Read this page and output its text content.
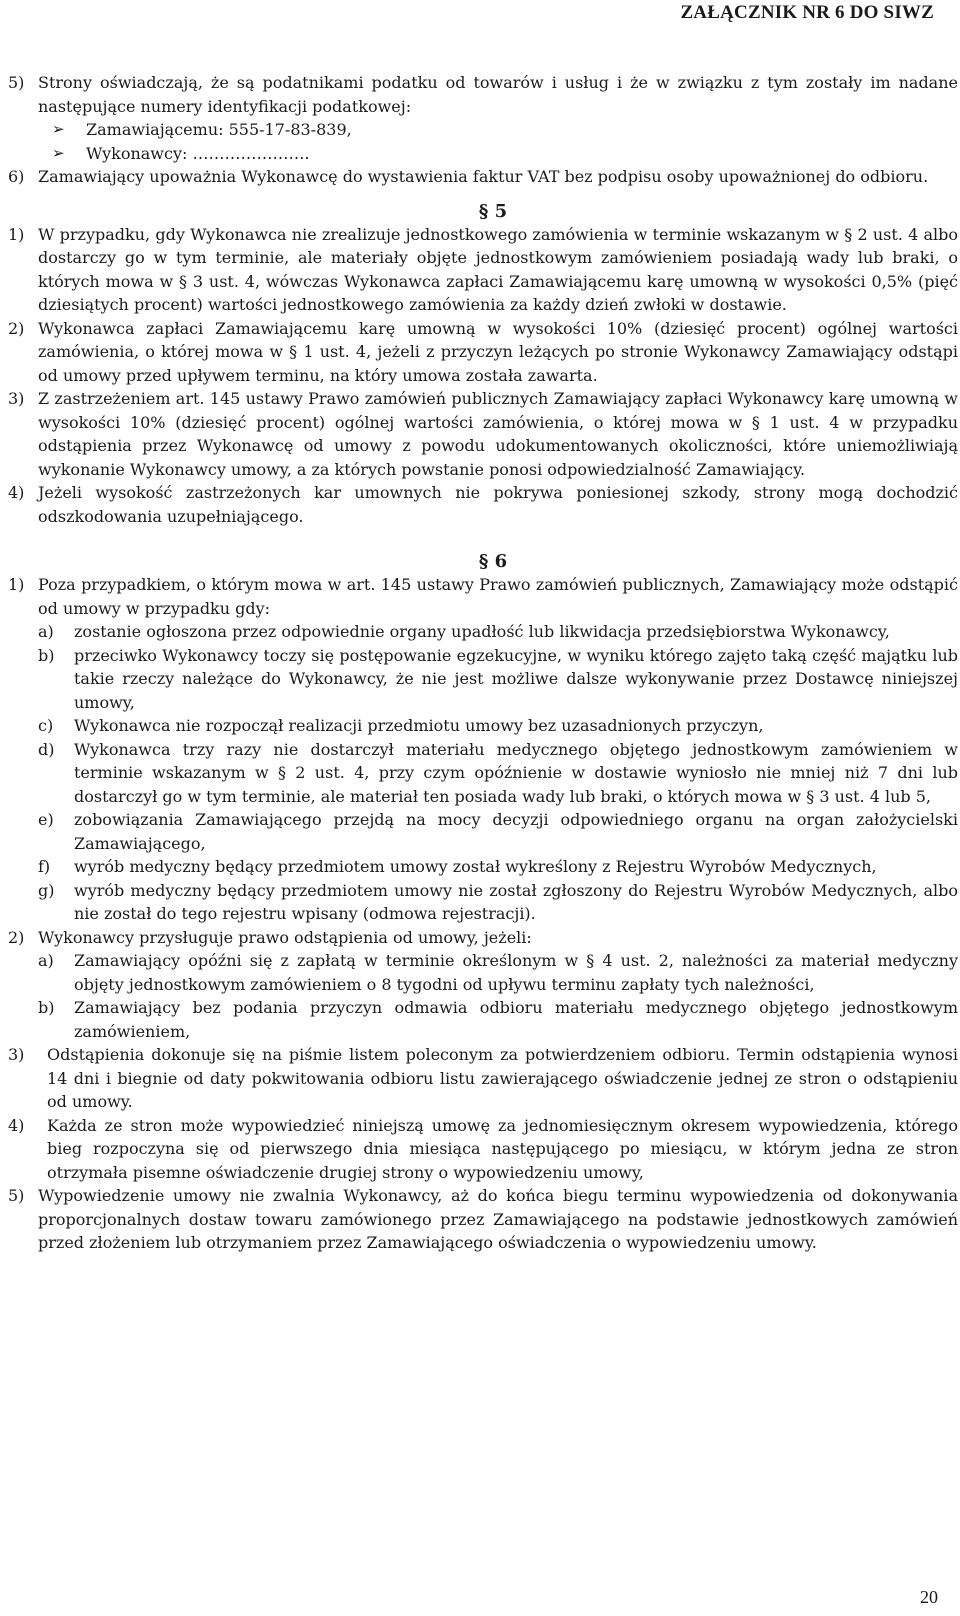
ZAŁĄCZNIK NR 6 DO SIWZ
5) Strony oświadczają, że są podatnikami podatku od towarów i usług i że w związku z tym zostały im nadane następujące numery identyfikacji podatkowej:
➢	Zamawiającemu: 555-17-83-839,
➢	Wykonawcy: ………………….
6) Zamawiający upoważnia Wykonawcę do wystawienia faktur VAT bez podpisu osoby upoważnionej do odbioru.
§ 5
1) W przypadku, gdy Wykonawca nie zrealizuje jednostkowego zamówienia w terminie wskazanym w § 2 ust. 4 albo dostarczy go w tym terminie, ale materiały objęte jednostkowym zamówieniem posiadają wady lub braki, o których mowa w § 3 ust. 4, wówczas Wykonawca zapłaci Zamawiającemu karę umowną w wysokości 0,5% (pięć dziesiątych procent) wartości jednostkowego zamówienia za każdy dzień zwłoki w dostawie.
2) Wykonawca zapłaci Zamawiającemu karę umowną w wysokości 10% (dziesięć procent) ogólnej wartości zamówienia, o której mowa w § 1 ust. 4, jeżeli z przyczyn leżących po stronie Wykonawcy Zamawiający odstąpi od umowy przed upływem terminu, na który umowa została zawarta.
3) Z zastrzeżeniem art. 145 ustawy Prawo zamówień publicznych Zamawiający zapłaci Wykonawcy karę umowną w wysokości 10% (dziesięć procent) ogólnej wartości zamówienia, o której mowa w § 1 ust. 4 w przypadku odstąpienia przez Wykonawcę od umowy z powodu udokumentowanych okoliczności, które uniemożliwiają wykonanie Wykonawcy umowy, a za których powstanie ponosi odpowiedzialność Zamawiający.
4) Jeżeli wysokość zastrzeżonych kar umownych nie pokrywa poniesionej szkody, strony mogą dochodzić odszkodowania uzupełniającego.
§ 6
1) Poza przypadkiem, o którym mowa w art. 145 ustawy Prawo zamówień publicznych, Zamawiający może odstąpić od umowy w przypadku gdy:
a)	zostanie ogłoszona przez odpowiednie organy upadłość lub likwidacja przedsiębiorstwa Wykonawcy,
b)	przeciwko Wykonawcy toczy się postępowanie egzekucyjne, w wyniku którego zajęto taką część majątku lub takie rzeczy należące do Wykonawcy, że nie jest możliwe dalsze wykonywanie przez Dostawcę niniejszej umowy,
c)	Wykonawca nie rozpoczął realizacji przedmiotu umowy bez uzasadnionych przyczyn,
d)	Wykonawca trzy razy nie dostarczył materiału medycznego objętego jednostkowym zamówieniem w terminie wskazanym w § 2 ust. 4, przy czym opóźnienie w dostawie wyniosło nie mniej niż 7 dni lub dostarczył go w tym terminie, ale materiał ten posiada wady lub braki, o których mowa w § 3 ust. 4 lub 5,
e)	zobowiązania Zamawiającego przejdą na mocy decyzji odpowiedniego organu na organ założycielski Zamawiającego,
f)	wyrób medyczny będący przedmiotem umowy został wykreślony z Rejestru Wyrobów Medycznych,
g)	wyrób medyczny będący przedmiotem umowy nie został zgłoszony do Rejestru Wyrobów Medycznych, albo nie został do tego rejestru wpisany (odmowa rejestracji).
2) Wykonawcy przysługuje prawo odstąpienia od umowy, jeżeli:
a)	Zamawiający opóźni się z zapłatą w terminie określonym w § 4 ust. 2, należności za materiał medyczny objęty jednostkowym zamówieniem o 8 tygodni od upływu terminu zapłaty tych należności,
b)	Zamawiający bez podania przyczyn odmawia odbioru materiału medycznego objętego jednostkowym zamówieniem,
3)	Odstąpienia dokonuje się na piśmie listem poleconym za potwierdzeniem odbioru. Termin odstąpienia wynosi 14 dni i biegnie od daty pokwitowania odbioru listu zawierającego oświadczenie jednej ze stron o odstąpieniu od umowy.
4)	Każda ze stron może wypowiedzieć niniejszą umowę za jednomiesięcznym okresem wypowiedzenia, którego bieg rozpoczyna się od pierwszego dnia miesiąca następującego po miesiącu, w którym jedna ze stron otrzymała pisemne oświadczenie drugiej strony o wypowiedzeniu umowy,
5) Wypowiedzenie umowy nie zwalnia Wykonawcy, aż do końca biegu terminu wypowiedzenia od dokonywania proporcjonalnych dostaw towaru zamówionego przez Zamawiającego na podstawie jednostkowych zamówień przed złożeniem lub otrzymaniem przez Zamawiającego oświadczenia o wypowiedzeniu umowy.
20
